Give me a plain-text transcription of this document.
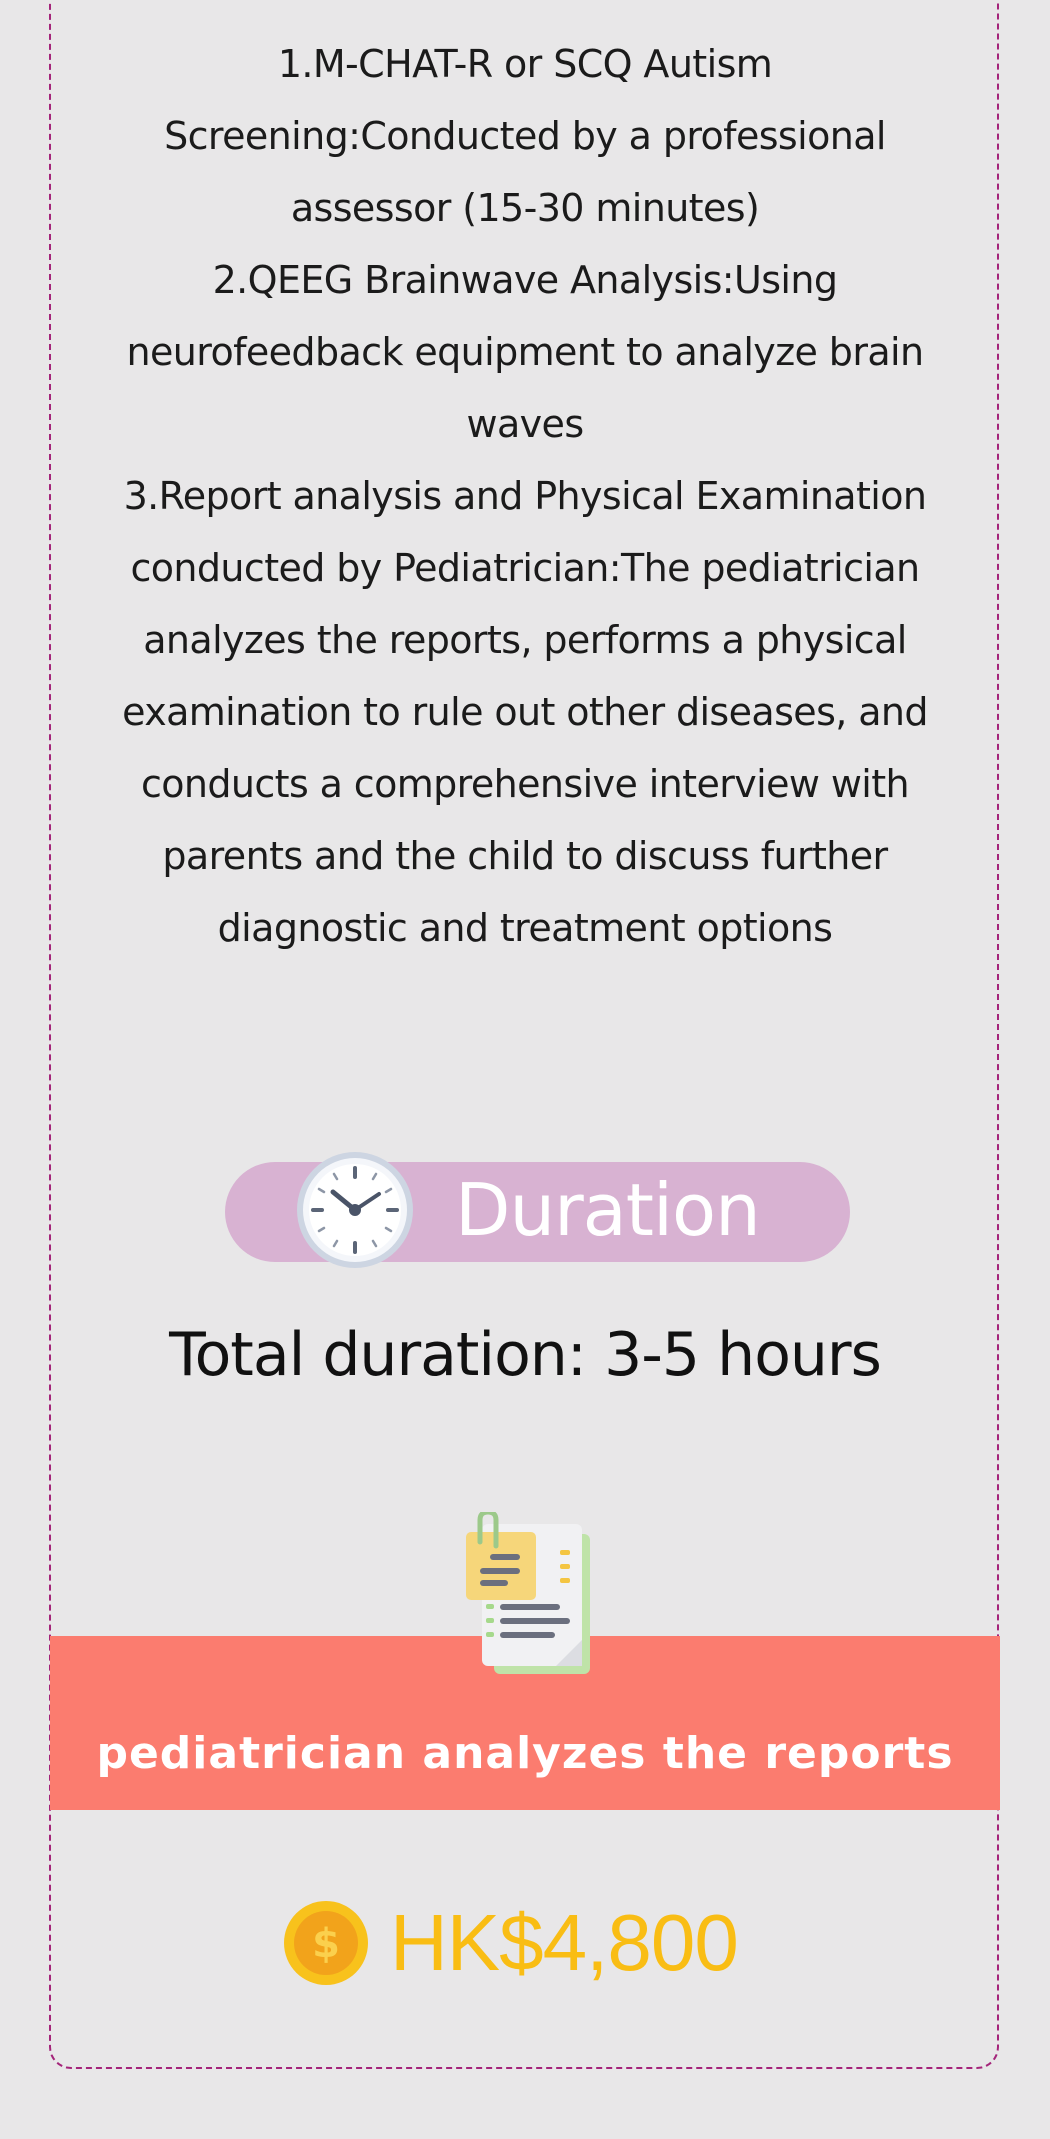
1.M-CHAT-R or SCQ Autism Screening:Conducted by a professional assessor (15-30 minutes)

2.QEEG Brainwave Analysis:Using neurofeedback equipment to analyze brain waves

3.Report analysis and Physical Examination conducted by Pediatrician:The pediatrician analyzes the reports, performs a physical examination to rule out other diseases, and conducts a comprehensive interview with parents and the child to discuss further diagnostic and treatment options

Duration
Total duration: 3-5 hours
pediatrician analyzes the reports
$ HK$4,800
